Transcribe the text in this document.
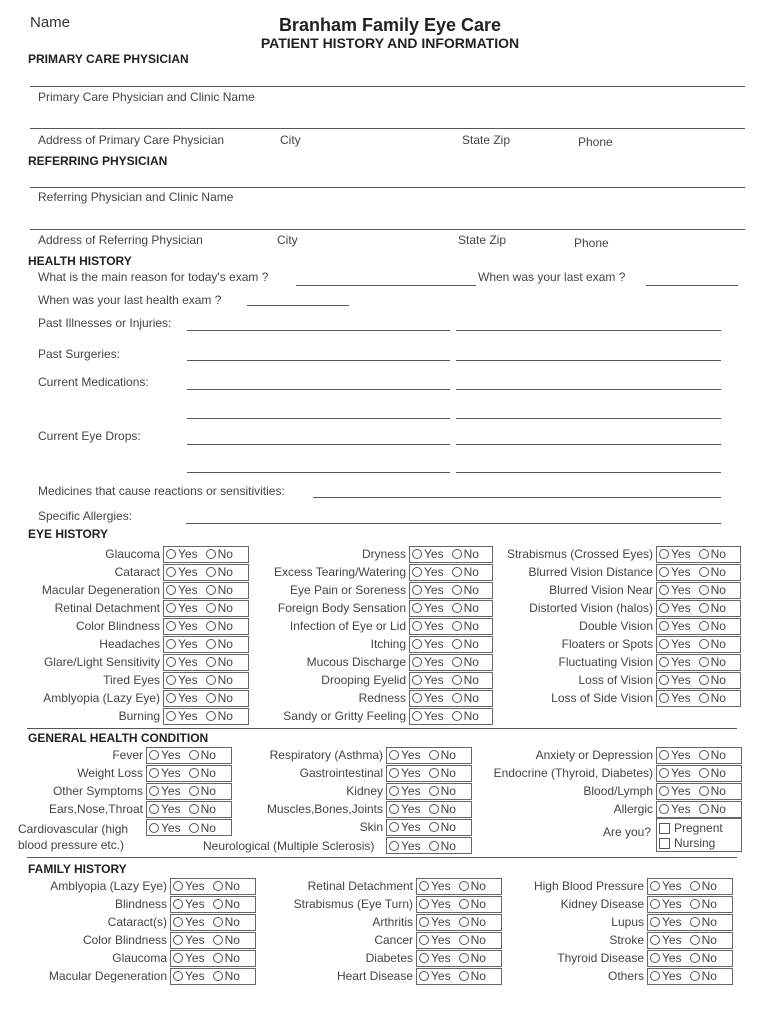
Name	Branham Family Eye Care
PATIENT HISTORY AND INFORMATION
PRIMARY CARE PHYSICIAN
Primary Care Physician and Clinic Name
Address of Primary Care Physician	City	State Zip	Phone
REFERRING PHYSICIAN
Referring Physician and Clinic Name
Address of Referring Physician	City	State Zip	Phone
HEALTH HISTORY
What is the main reason for today's exam ?	When was your last exam ?
When was your last health exam ?
Past Illnesses or Injuries:
Past Surgeries:
Current Medications:
Current Eye Drops:
Medicines that cause reactions or sensitivities:
Specific Allergies:
EYE HISTORY
Glaucoma Yes No
Cataract Yes No
Macular Degeneration Yes No
Retinal Detachment Yes No
Color Blindness Yes No
Headaches Yes No
Glare/Light Sensitivity Yes No
Tired Eyes Yes No
Amblyopia (Lazy Eye) Yes No
Burning Yes No
Dryness Yes No
Excess Tearing/Watering Yes No
Eye Pain or Soreness Yes No
Foreign Body Sensation Yes No
Infection of Eye or Lid Yes No
Itching Yes No
Mucous Discharge Yes No
Drooping Eyelid Yes No
Redness Yes No
Sandy or Gritty Feeling Yes No
Strabismus (Crossed Eyes) Yes No
Blurred Vision Distance Yes No
Blurred Vision Near Yes No
Distorted Vision (halos) Yes No
Double Vision Yes No
Floaters or Spots Yes No
Fluctuating Vision Yes No
Loss of Vision Yes No
Loss of Side Vision Yes No
GENERAL HEALTH CONDITION
Fever Yes No
Weight Loss Yes No
Other Symptoms Yes No
Ears,Nose,Throat Yes No
Cardiovascular (high
blood pressure etc.)
Yes No
Respiratory (Asthma) Yes No
Gastrointestinal Yes No
Kidney Yes No
Muscles,Bones,Joints Yes No
Skin Yes No
Neurological (Multiple Sclerosis) Yes No
Anxiety or Depression Yes No
Endocrine (Thyroid, Diabetes) Yes No
Blood/Lymph Yes No
Allergic Yes No
Are you? Pregnent
Nursing
FAMILY HISTORY
Amblyopia (Lazy Eye) Yes No
Blindness Yes No
Cataract(s) Yes No
Color Blindness Yes No
Glaucoma Yes No
Macular Degeneration Yes No
Retinal Detachment Yes No
Strabismus (Eye Turn) Yes No
Arthritis Yes No
Cancer Yes No
Diabetes Yes No
Heart Disease Yes No
High Blood Pressure Yes No
Kidney Disease Yes No
Lupus Yes No
Stroke Yes No
Thyroid Disease Yes No
Others Yes No
